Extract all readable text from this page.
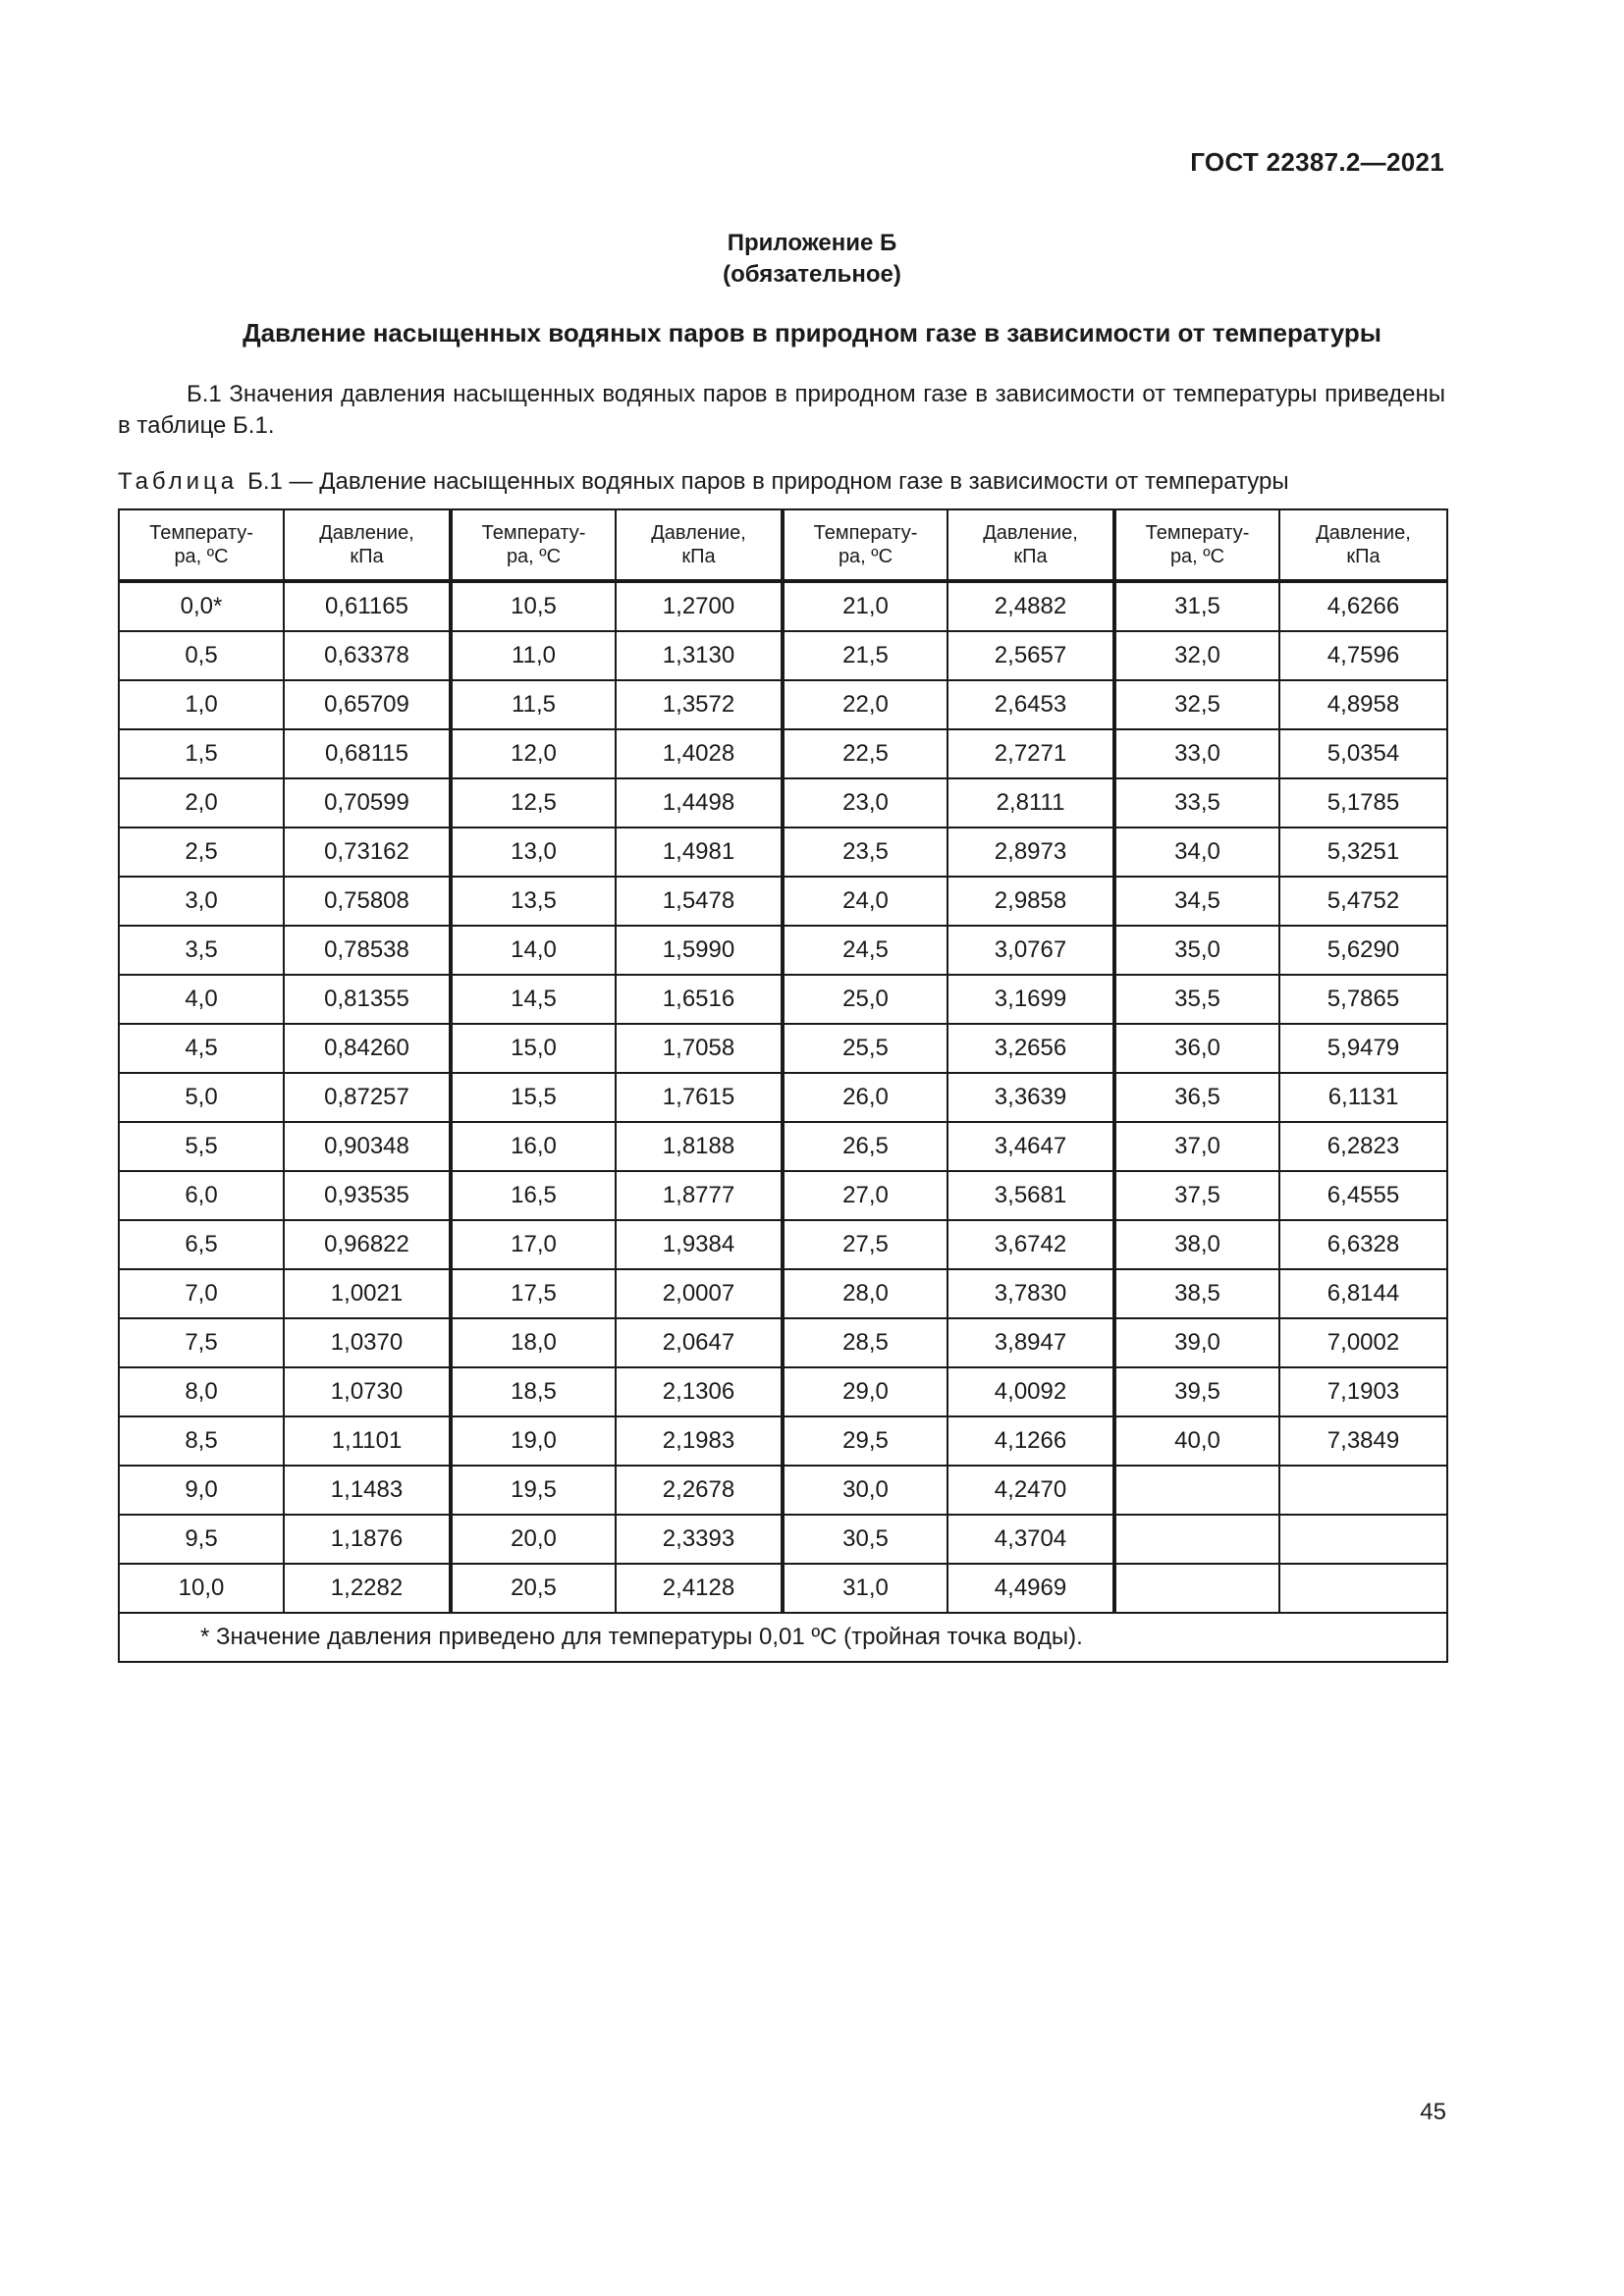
ГОСТ 22387.2—2021
Приложение Б
(обязательное)
Давление насыщенных водяных паров в природном газе в зависимости от температуры
Б.1 Значения давления насыщенных водяных паров в природном газе в зависимости от температуры приведены в таблице Б.1.
Таблица Б.1 — Давление насыщенных водяных паров в природном газе в зависимости от температуры
Температу-
ра, ºС	Давление,
кПа	Температу-
ра, ºС	Давление,
кПа	Температу-
ра, ºС	Давление,
кПа	Температу-
ра, ºС	Давление,
кПа
0,0*	0,61165	10,5	1,2700	21,0	2,4882	31,5	4,6266
0,5	0,63378	11,0	1,3130	21,5	2,5657	32,0	4,7596
1,0	0,65709	11,5	1,3572	22,0	2,6453	32,5	4,8958
1,5	0,68115	12,0	1,4028	22,5	2,7271	33,0	5,0354
2,0	0,70599	12,5	1,4498	23,0	2,8111	33,5	5,1785
2,5	0,73162	13,0	1,4981	23,5	2,8973	34,0	5,3251
3,0	0,75808	13,5	1,5478	24,0	2,9858	34,5	5,4752
3,5	0,78538	14,0	1,5990	24,5	3,0767	35,0	5,6290
4,0	0,81355	14,5	1,6516	25,0	3,1699	35,5	5,7865
4,5	0,84260	15,0	1,7058	25,5	3,2656	36,0	5,9479
5,0	0,87257	15,5	1,7615	26,0	3,3639	36,5	6,1131
5,5	0,90348	16,0	1,8188	26,5	3,4647	37,0	6,2823
6,0	0,93535	16,5	1,8777	27,0	3,5681	37,5	6,4555
6,5	0,96822	17,0	1,9384	27,5	3,6742	38,0	6,6328
7,0	1,0021	17,5	2,0007	28,0	3,7830	38,5	6,8144
7,5	1,0370	18,0	2,0647	28,5	3,8947	39,0	7,0002
8,0	1,0730	18,5	2,1306	29,0	4,0092	39,5	7,1903
8,5	1,1101	19,0	2,1983	29,5	4,1266	40,0	7,3849
9,0	1,1483	19,5	2,2678	30,0	4,2470		
9,5	1,1876	20,0	2,3393	30,5	4,3704		
10,0	1,2282	20,5	2,4128	31,0	4,4969		
* Значение давления приведено для температуры 0,01 ºС (тройная точка воды).							
45
